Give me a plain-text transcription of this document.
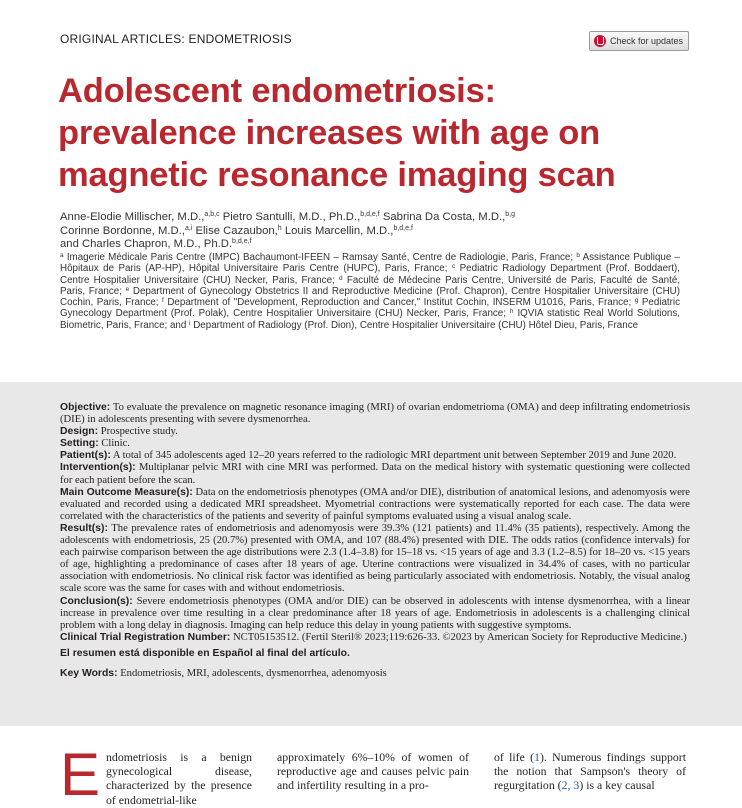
ORIGINAL ARTICLES: ENDOMETRIOSIS	Check for updates
Adolescent endometriosis:
prevalence increases with age on
magnetic resonance imaging scan
Anne-Elodie Millischer, M.D.,$^{a,b,c}$ Pietro Santulli, M.D., Ph.D.,$^{b,d,e,f}$ Sabrina Da Costa, M.D.,$^{b,g}$
Corinne Bordonne, M.D.,$^{a,i}$ Elise Cazaubon,$^h$ Louis Marcellin, M.D.,$^{b,d,e,f}$
and Charles Chapron, M.D., Ph.D.$^{b,d,e,f}$
$^a$ Imagerie Médicale Paris Centre (IMPC) Bachaumont-IFEEN – Ramsay Santé, Centre de Radiologie, Paris, France; $^b$ Assistance Publique – Hôpitaux de Paris (AP-HP), Hôpital Universitaire Paris Centre (HUPC), Paris, France; $^c$ Pediatric Radiology Department (Prof. Boddaert), Centre Hospitalier Universitaire (CHU) Necker, Paris, France; $^d$ Faculté de Médecine Paris Centre, Université de Paris, Faculté de Santé, Paris, France; $^e$ Department of Gynecology Obstetrics II and Reproductive Medicine (Prof. Chapron), Centre Hospitalier Universitaire (CHU) Cochin, Paris, France; $^f$ Department of "Development, Reproduction and Cancer," Institut Cochin, INSERM U1016, Paris, France; $^g$ Pediatric Gynecology Department (Prof. Polak), Centre Hospitalier Universitaire (CHU) Necker, Paris, France; $^h$ IQVIA statistic Real World Solutions, Biometric, Paris, France; and $^i$ Department of Radiology (Prof. Dion), Centre Hospitalier Universitaire (CHU) Hôtel Dieu, Paris, France

Objective: To evaluate the prevalence on magnetic resonance imaging (MRI) of ovarian endometrioma (OMA) and deep infiltrating endometriosis (DIE) in adolescents presenting with severe dysmenorrhea.

Design: Prospective study.

Setting: Clinic.

Patient(s): A total of 345 adolescents aged 12–20 years referred to the radiologic MRI department unit between September 2019 and June 2020.

Intervention(s): Multiplanar pelvic MRI with cine MRI was performed. Data on the medical history with systematic questioning were collected for each patient before the scan.

Main Outcome Measure(s): Data on the endometriosis phenotypes (OMA and/or DIE), distribution of anatomical lesions, and adenomyosis were evaluated and recorded using a dedicated MRI spreadsheet. Myometrial contractions were systematically reported for each case. The data were correlated with the characteristics of the patients and severity of painful symptoms evaluated using a visual analog scale.

Result(s): The prevalence rates of endometriosis and adenomyosis were 39.3% (121 patients) and 11.4% (35 patients), respectively. Among the adolescents with endometriosis, 25 (20.7%) presented with OMA, and 107 (88.4%) presented with DIE. The odds ratios (confidence intervals) for each pairwise comparison between the age distributions were 2.3 (1.4–3.8) for 15–18 vs. <15 years of age and 3.3 (1.2–8.5) for 18–20 vs. <15 years of age, highlighting a predominance of cases after 18 years of age. Uterine contractions were visualized in 34.4% of cases, with no particular association with endometriosis. No clinical risk factor was identified as being particularly associated with endometriosis. Notably, the visual analog scale score was the same for cases with and without endometriosis.

Conclusion(s): Severe endometriosis phenotypes (OMA and/or DIE) can be observed in adolescents with intense dysmenorrhea, with a linear increase in prevalence over time resulting in a clear predominance after 18 years of age. Endometriosis in adolescents is a challenging clinical problem with a long delay in diagnosis. Imaging can help reduce this delay in young patients with suggestive symptoms.

Clinical Trial Registration Number: NCT05153512. (Fertil Steril® 2023;119:626-33. ©2023 by American Society for Reproductive Medicine.)

El resumen está disponible en Español al final del artículo.

Key Words: Endometriosis, MRI, adolescents, dysmenorrhea, adenomyosis

Endometriosis is a benign gynecological disease, characterized by the presence of endometrial-like
approximately 6%–10% of women of reproductive age and causes pelvic pain and infertility resulting in a pro-
of life (1). Numerous findings support the notion that Sampson's theory of regurgitation (2, 3) is a key causal
